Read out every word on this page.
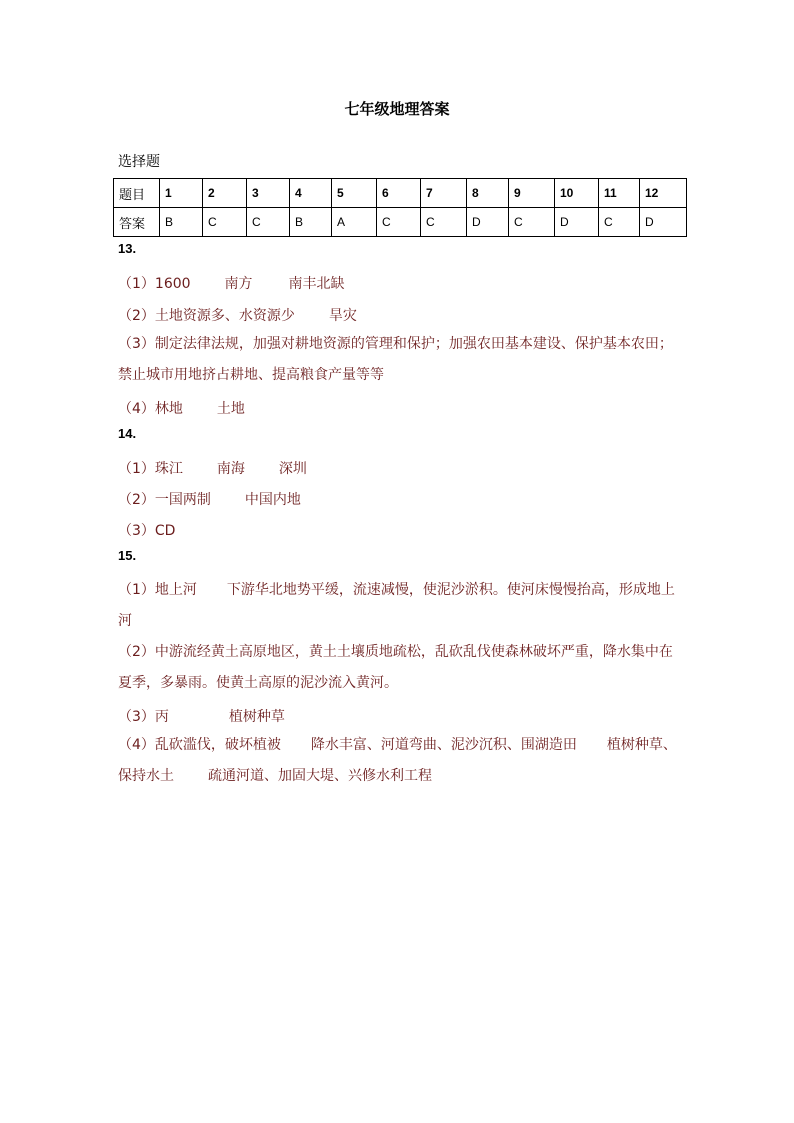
七年级地理答案
选择题
题目	1	2	3	4	5	6	7	8	9	10	11	12
答案	B	C	C	B	A	C	C	D	C	D	C	D
13.
（1）1600 南方	南丰北缺
（2）土地资源多、水资源少 旱灾
（3）制定法律法规，加强对耕地资源的管理和保护；加强农田基本建设、保护基本农田；禁止城市用地挤占耕地、提高粮食产量等等
（4）林地 土地
14.
（1）珠江 南海 深圳
（2）一国两制 中国内地
（3）CD
15.
（1）地上河 下游华北地势平缓，流速减慢，使泥沙淤积。使河床慢慢抬高，形成地上河
（2）中游流经黄土高原地区，黄土土壤质地疏松，乱砍乱伐使森林破坏严重，降水集中在夏季，多暴雨。使黄土高原的泥沙流入黄河。
（3）丙	植树种草
（4）乱砍滥伐，破坏植被 降水丰富、河道弯曲、泥沙沉积、围湖造田 植树种草、保持水土 疏通河道、加固大堤、兴修水利工程
